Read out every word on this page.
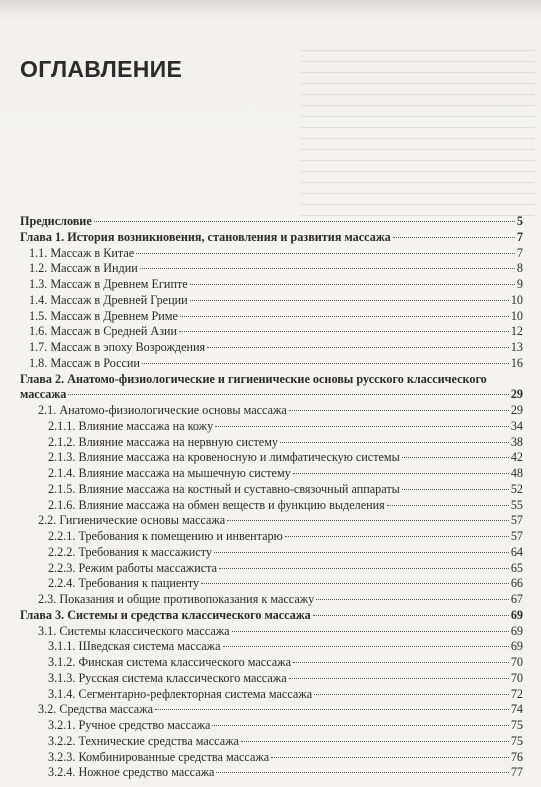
ОГЛАВЛЕНИЕ
Предисловие	5
Глава 1. История возникновения, становления и развития массажа	7
1.1. Массаж в Китае	7
1.2. Массаж в Индии	8
1.3. Массаж в Древнем Египте	9
1.4. Массаж в Древней Греции	10
1.5. Массаж в Древнем Риме	10
1.6. Массаж в Средней Азии	12
1.7. Массаж в эпоху Возрождения	13
1.8. Массаж в России	16
Глава 2. Анатомо-физиологические и гигиенические основы русского классического
массажа	29
2.1. Анатомо-физиологические основы массажа	29
2.1.1. Влияние массажа на кожу	34
2.1.2. Влияние массажа на нервную систему	38
2.1.3. Влияние массажа на кровеносную и лимфатическую системы	42
2.1.4. Влияние массажа на мышечную систему	48
2.1.5. Влияние массажа на костный и суставно-связочный аппараты	52
2.1.6. Влияние массажа на обмен веществ и функцию выделения	55
2.2. Гигиенические основы массажа	57
2.2.1. Требования к помещению и инвентарю	57
2.2.2. Требования к массажисту	64
2.2.3. Режим работы массажиста	65
2.2.4. Требования к пациенту	66
2.3. Показания и общие противопоказания к массажу	67
Глава 3. Системы и средства классического массажа	69
3.1. Системы классического массажа	69
3.1.1. Шведская система массажа	69
3.1.2. Финская система классического массажа	70
3.1.3. Русская система классического массажа	70
3.1.4. Сегментарно-рефлекторная система массажа	72
3.2. Средства массажа	74
3.2.1. Ручное средство массажа	75
3.2.2. Технические средства массажа	75
3.2.3. Комбинированные средства массажа	76
3.2.4. Ножное средство массажа	77
